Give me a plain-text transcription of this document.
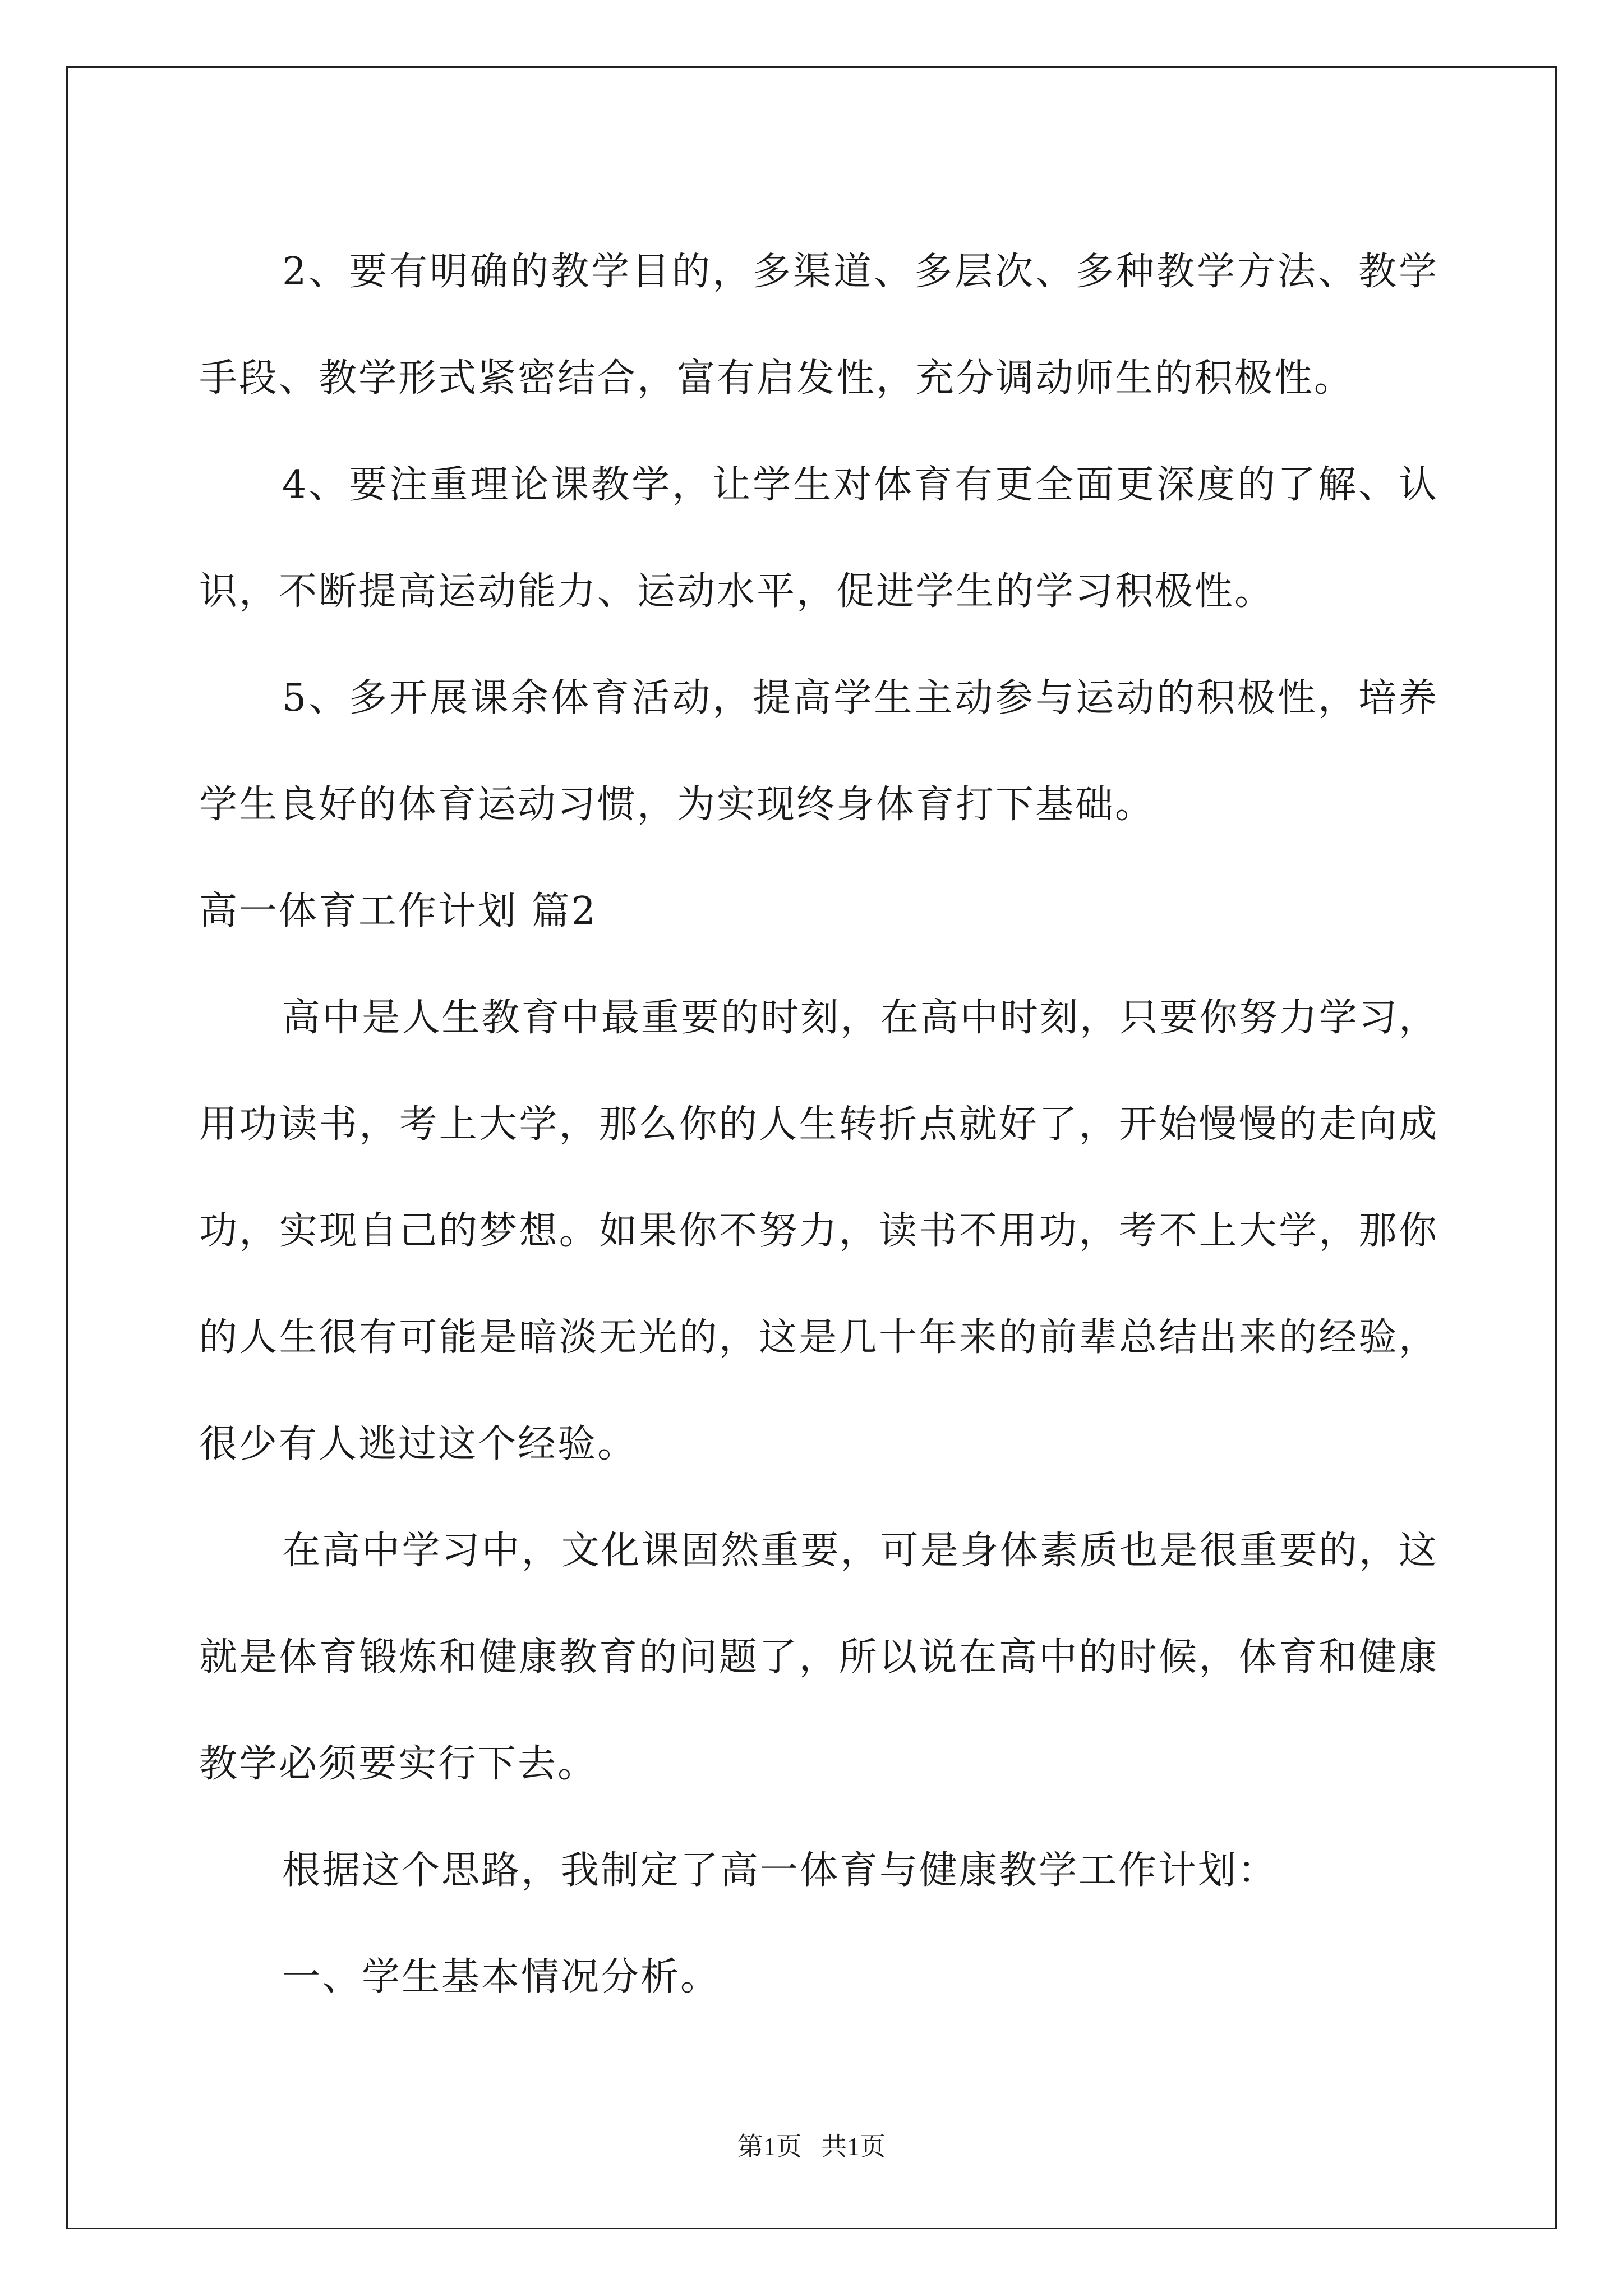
2、要有明确的教学目的，多渠道、多层次、多种教学方法、教学手段、教学形式紧密结合，富有启发性，充分调动师生的积极性。

4、要注重理论课教学，让学生对体育有更全面更深度的了解、认识，不断提高运动能力、运动水平，促进学生的学习积极性。

5、多开展课余体育活动，提高学生主动参与运动的积极性，培养学生良好的体育运动习惯，为实现终身体育打下基础。

高一体育工作计划 篇2

高中是人生教育中最重要的时刻，在高中时刻，只要你努力学习，用功读书，考上大学，那么你的人生转折点就好了，开始慢慢的走向成功，实现自己的梦想。如果你不努力，读书不用功，考不上大学，那你的人生很有可能是暗淡无光的，这是几十年来的前辈总结出来的经验，很少有人逃过这个经验。

在高中学习中，文化课固然重要，可是身体素质也是很重要的，这就是体育锻炼和健康教育的问题了，所以说在高中的时候，体育和健康教学必须要实行下去。

根据这个思路，我制定了高一体育与健康教学工作计划：

一、学生基本情况分析。

第1页 共1页
